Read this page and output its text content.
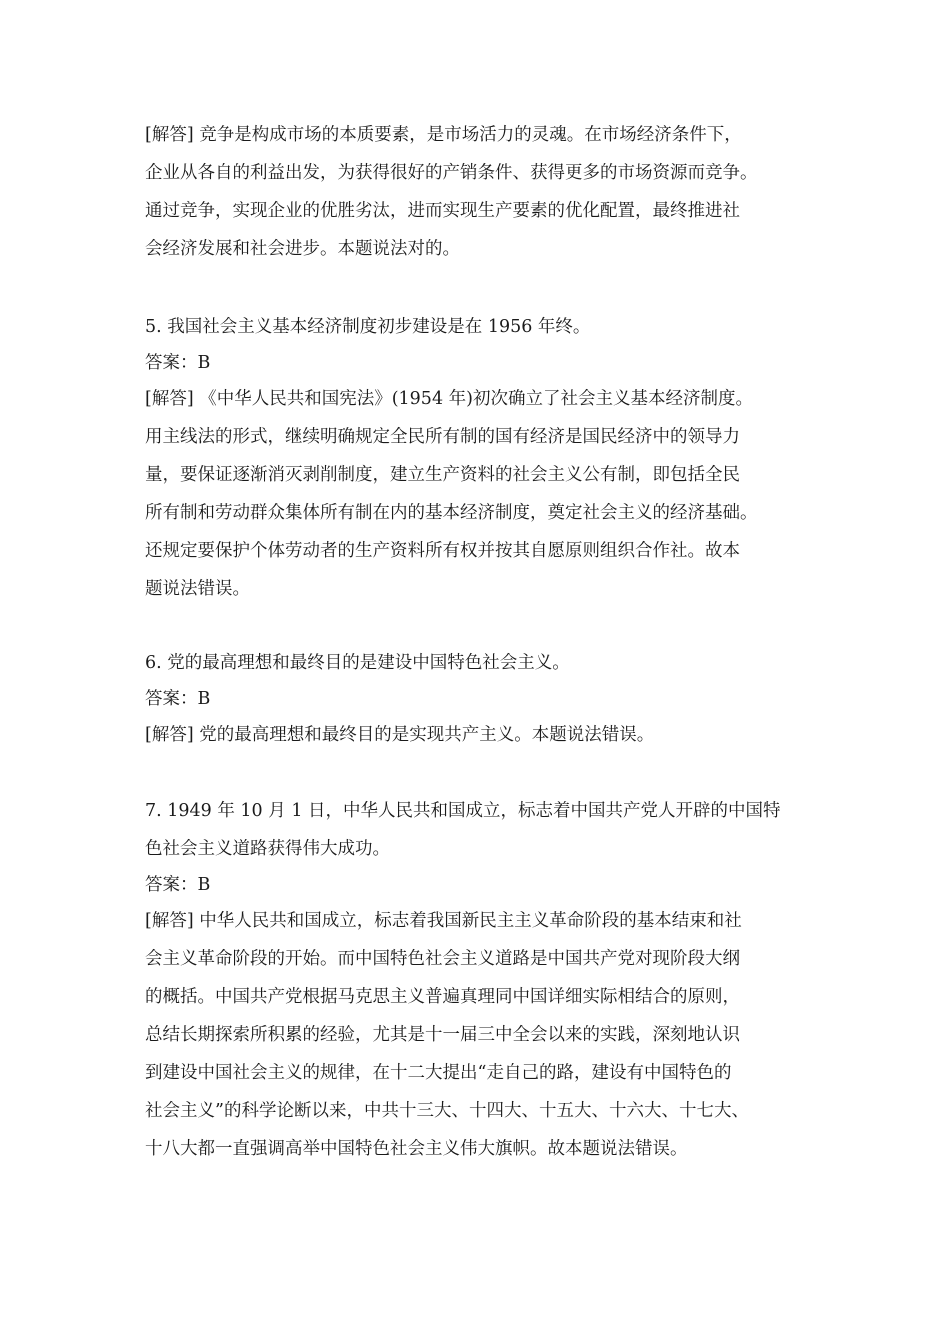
[解答] 竞争是构成市场的本质要素，是市场活力的灵魂。在市场经济条件下，
企业从各自的利益出发，为获得很好的产销条件、获得更多的市场资源而竞争。
通过竞争，实现企业的优胜劣汰，进而实现生产要素的优化配置，最终推进社
会经济发展和社会进步。本题说法对的。
5. 我国社会主义基本经济制度初步建设是在 1956 年终。
答案：B
[解答] 《中华人民共和国宪法》(1954 年)初次确立了社会主义基本经济制度。
用主线法的形式，继续明确规定全民所有制的国有经济是国民经济中的领导力
量，要保证逐渐消灭剥削制度，建立生产资料的社会主义公有制，即包括全民
所有制和劳动群众集体所有制在内的基本经济制度，奠定社会主义的经济基础。
还规定要保护个体劳动者的生产资料所有权并按其自愿原则组织合作社。故本
题说法错误。
6. 党的最高理想和最终目的是建设中国特色社会主义。
答案：B
[解答] 党的最高理想和最终目的是实现共产主义。本题说法错误。
7. 1949 年 10 月 1 日，中华人民共和国成立，标志着中国共产党人开辟的中国特
色社会主义道路获得伟大成功。
答案：B
[解答] 中华人民共和国成立，标志着我国新民主主义革命阶段的基本结束和社
会主义革命阶段的开始。而中国特色社会主义道路是中国共产党对现阶段大纲
的概括。中国共产党根据马克思主义普遍真理同中国详细实际相结合的原则，
总结长期探索所积累的经验，尤其是十一届三中全会以来的实践，深刻地认识
到建设中国社会主义的规律，在十二大提出“走自己的路，建设有中国特色的
社会主义”的科学论断以来，中共十三大、十四大、十五大、十六大、十七大、
十八大都一直强调高举中国特色社会主义伟大旗帜。故本题说法错误。
